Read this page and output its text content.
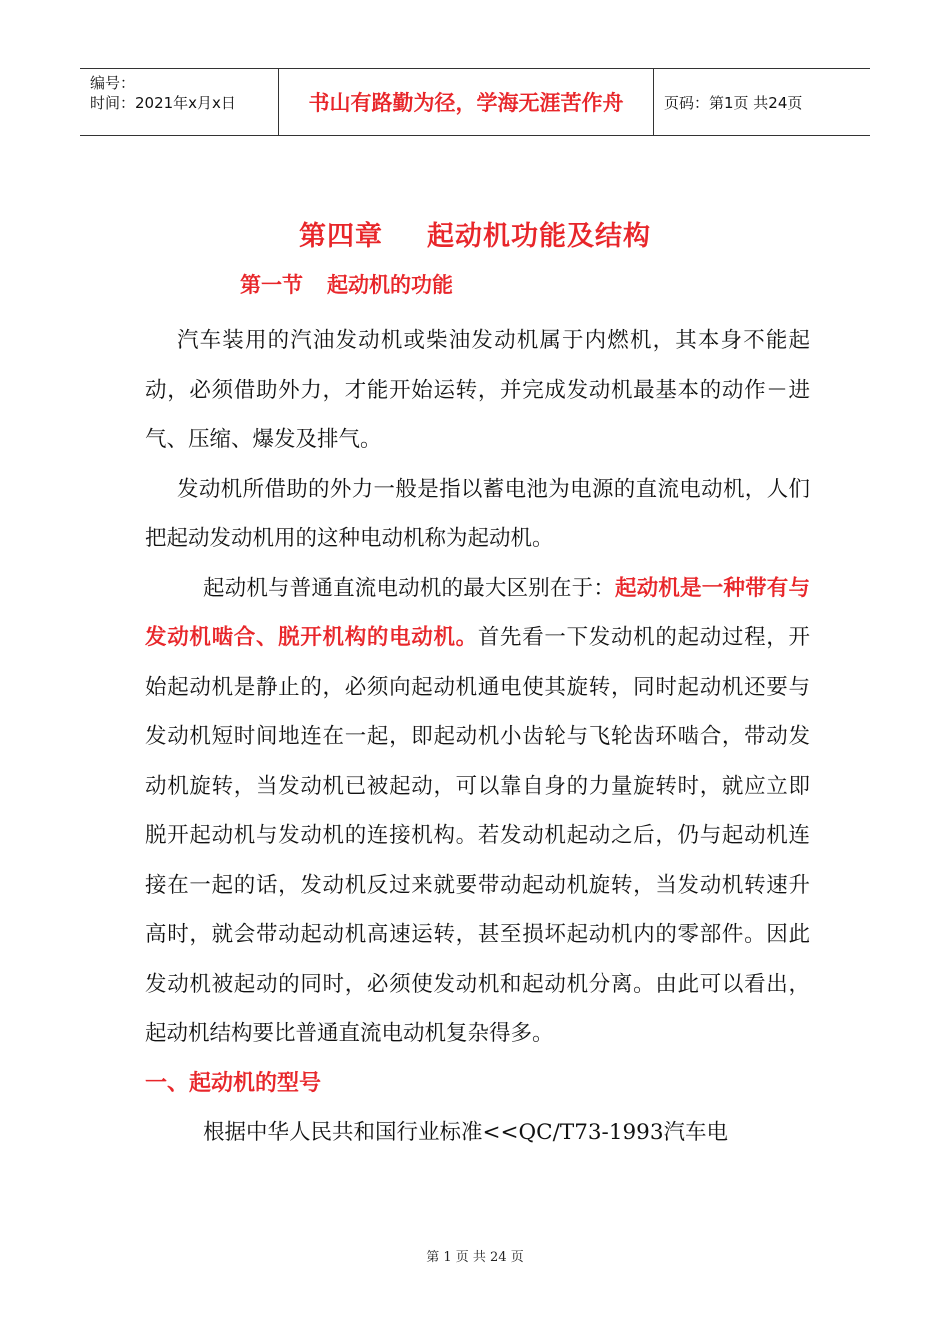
编号：
时间：2021年x月x日	书山有路勤为径，学海无涯苦作舟	页码：第1页 共24页
第四章 起动机功能及结构
第一节 起动机的功能

汽车装用的汽油发动机或柴油发动机属于内燃机，其本身不能起动，必须借助外力，才能开始运转，并完成发动机最基本的动作－进气、压缩、爆发及排气。

发动机所借助的外力一般是指以蓄电池为电源的直流电动机，人们把起动发动机用的这种电动机称为起动机。

起动机与普通直流电动机的最大区别在于：起动机是一种带有与发动机啮合、脱开机构的电动机。首先看一下发动机的起动过程，开始起动机是静止的，必须向起动机通电使其旋转，同时起动机还要与发动机短时间地连在一起，即起动机小齿轮与飞轮齿环啮合，带动发动机旋转，当发动机已被起动，可以靠自身的力量旋转时，就应立即脱开起动机与发动机的连接机构。若发动机起动之后，仍与起动机连接在一起的话，发动机反过来就要带动起动机旋转，当发动机转速升高时，就会带动起动机高速运转，甚至损坏起动机内的零部件。因此发动机被起动的同时，必须使发动机和起动机分离。由此可以看出，起动机结构要比普通直流电动机复杂得多。

一、起动机的型号

根据中华人民共和国行业标准<<QC/T73-1993汽车电

第 1 页 共 24 页
